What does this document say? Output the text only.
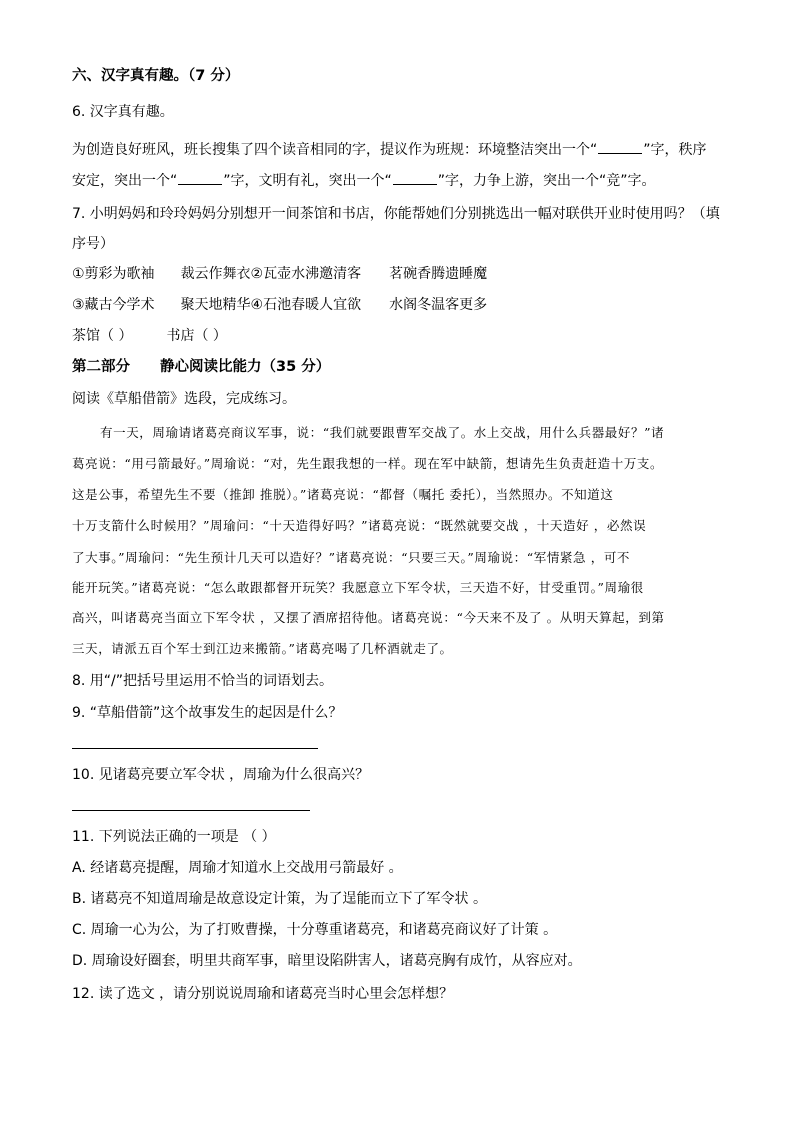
六、汉字真有趣。（7 分）
6. 汉字真有趣。
为创造良好班风，班长搜集了四个读音相同的字，提议作为班规：环境整洁突出一个“	”字，秩序
安定，突出一个“	”字，文明有礼，突出一个“	”字，力争上游，突出一个“竞”字。
7. 小明妈妈和玲玲妈妈分别想开一间茶馆和书店，你能帮她们分别挑选出一幅对联供开业时使用吗？（填
序号）
①剪彩为歌袖 裁云作舞衣②瓦壶水沸邀清客 茗碗香腾遗睡魔
③藏古今学术 聚天地精华④石池春暖人宜欲 水阁冬温客更多
茶馆（ ） 书店（ ）
第二部分 静心阅读比能力（35 分）
阅读《草船借箭》选段，完成练习。
有一天，周瑜请诸葛亮商议军事，说：“我们就要跟曹军交战了。水上交战，用什么兵器最好？”诸
葛亮说：“用弓箭最好。”周瑜说：“对，先生跟我想的一样。现在军中缺箭，想请先生负责赶造十万支。
这是公事，希望先生不要（推卸 推脱）。”诸葛亮说：“都督（嘱托 委托），当然照办。不知道这
十万支箭什么时候用？”周瑜问：“十天造得好吗？”诸葛亮说：“既然就要交战 ，十天造好 ，必然误
了大事。”周瑜问：“先生预计几天可以造好？”诸葛亮说：“只要三天。”周瑜说：“军情紧急 ，可不
能开玩笑。”诸葛亮说：“怎么敢跟都督开玩笑？我愿意立下军令状，三天造不好，甘受重罚。”周瑜很
高兴，叫诸葛亮当面立下军令状 ，又摆了酒席招待他。诸葛亮说：“今天来不及了 。从明天算起，到第
三天，请派五百个军士到江边来搬箭。”诸葛亮喝了几杯酒就走了。
8. 用“/”把括号里运用不恰当的词语划去。
9. “草船借箭”这个故事发生的起因是什么？
10. 见诸葛亮要立军令状 ，周瑜为什么很高兴？
11. 下列说法正确的一项是 （ ）
A. 经诸葛亮提醒，周瑜才知道水上交战用弓箭最好 。
B. 诸葛亮不知道周瑜是故意设定计策，为了逞能而立下了军令状 。
C. 周瑜一心为公，为了打败曹操，十分尊重诸葛亮，和诸葛亮商议好了计策 。
D. 周瑜设好圈套，明里共商军事，暗里设陷阱害人，诸葛亮胸有成竹，从容应对。
12. 读了选文 ，请分别说说周瑜和诸葛亮当时心里会怎样想？
